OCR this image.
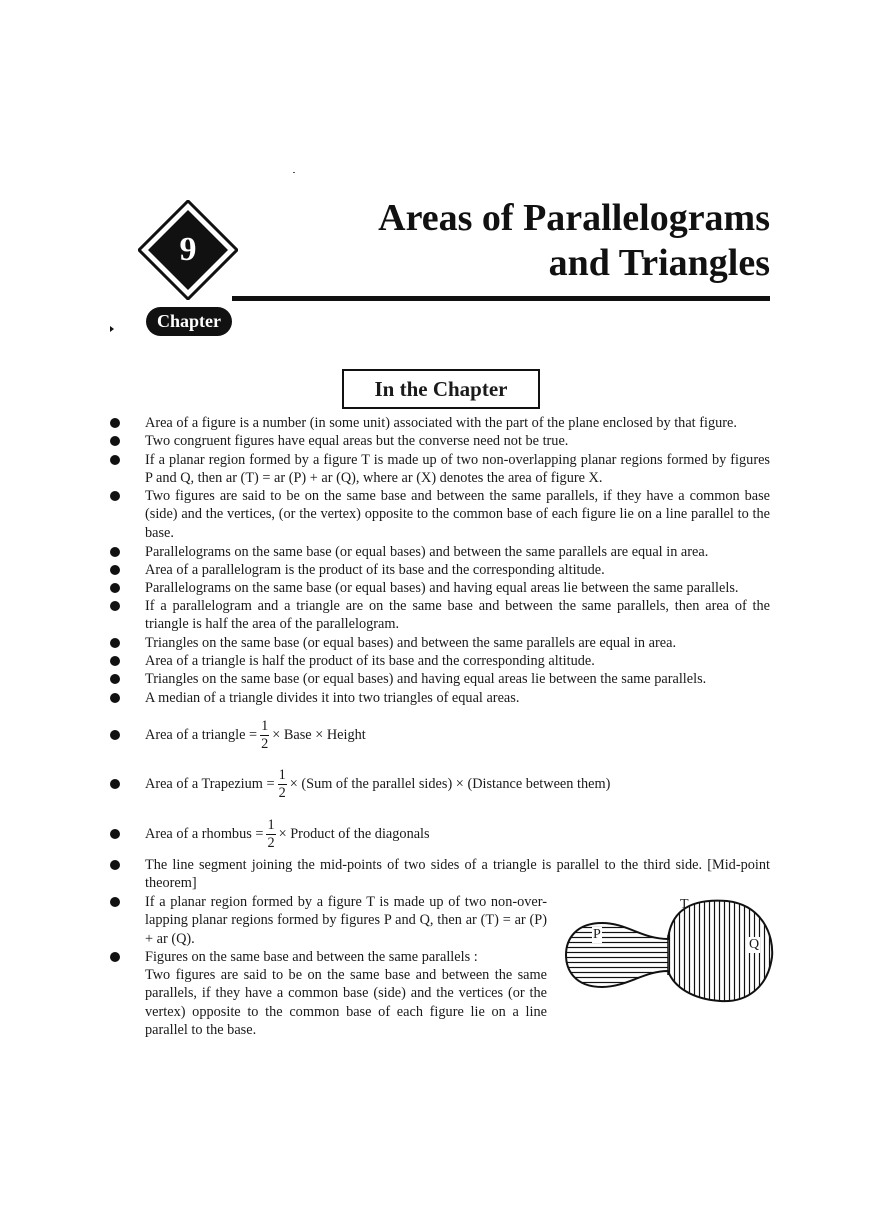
9
Chapter
Areas of Parallelograms
and Triangles
In the Chapter
Area of a figure is a number (in some unit) associated with the part of the plane enclosed by that figure.
Two congruent figures have equal areas but the converse need not be true.
If a planar region formed by a figure T is made up of two non-overlapping planar regions formed by figures P and Q, then ar (T) = ar (P) + ar (Q), where ar (X) denotes the area of figure X.
Two figures are said to be on the same base and between the same parallels, if they have a common base (side) and the vertices, (or the vertex) opposite to the common base of each figure lie on a line parallel to the base.
Parallelograms on the same base (or equal bases) and between the same parallels are equal in area.
Area of a parallelogram is the product of its base and the corresponding altitude.
Parallelograms on the same base (or equal bases) and having equal areas lie between the same parallels.
If a parallelogram and a triangle are on the same base and between the same parallels, then area of the triangle is half the area of the parallelogram.
Triangles on the same base (or equal bases) and between the same parallels are equal in area.
Area of a triangle is half the product of its base and the corresponding altitude.
Triangles on the same base (or equal bases) and having equal areas lie between the same parallels.
A median of a triangle divides it into two triangles of equal areas.
Area of a triangle = $\frac{1}{2}$ × Base × Height
Area of a Trapezium = $\frac{1}{2} \times (Sum$ of the parallel sides) × (Distance between them)
Area of a rhombus = $\frac{1}{2}$ × Product of the diagonals
The line segment joining the mid-points of two sides of a triangle is parallel to the third side. [Mid-point theorem]
If a planar region formed by a figure T is made up of two non-over-lapping planar regions formed by figures P and Q, then ar (T) = ar (P) + ar (Q).
Figures on the same base and between the same parallels :
Two figures are said to be on the same base and between the same parallels, if they have a common base (side) and the vertices (or the vertex) opposite to the common base of each figure lie on a line parallel to the base.
T
P
Q
